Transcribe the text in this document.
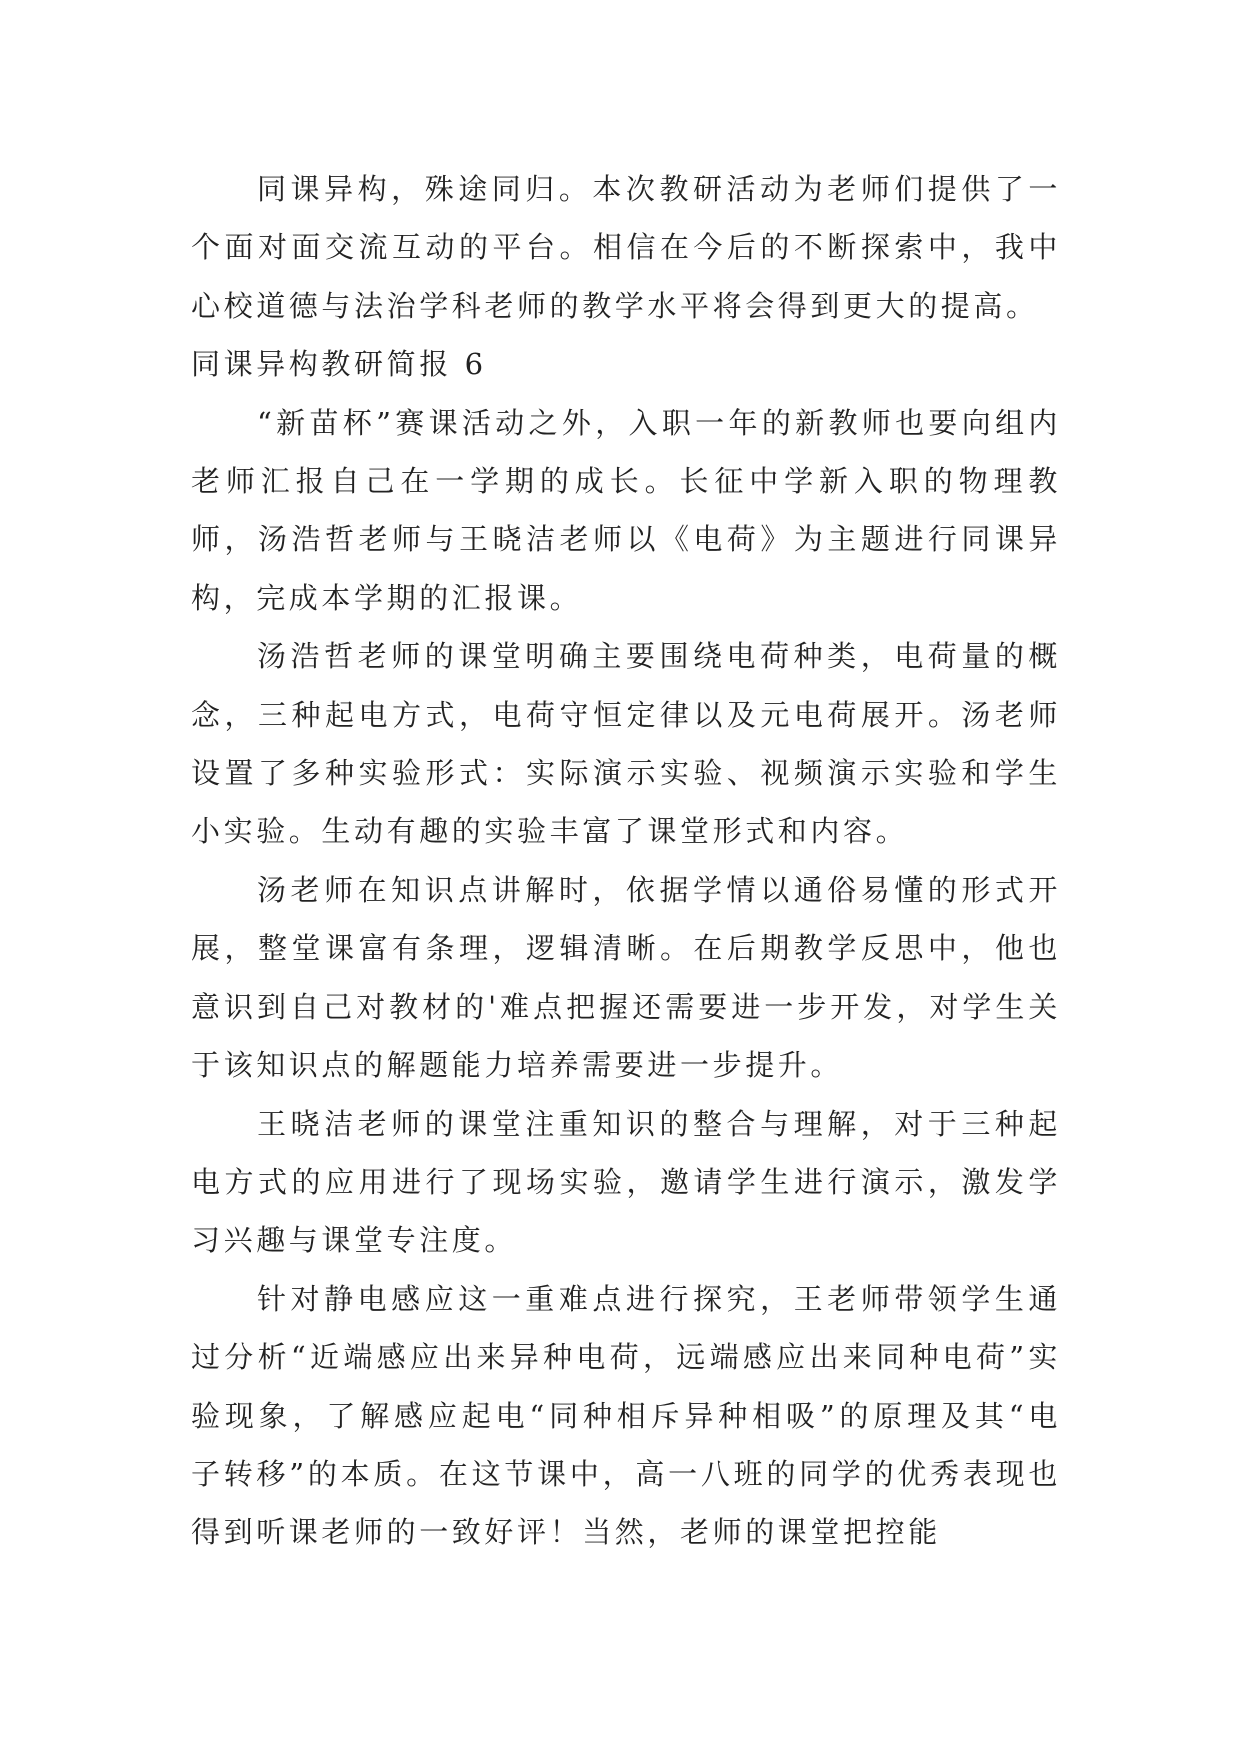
同课异构，殊途同归。本次教研活动为老师们提供了一个面对面交流互动的平台。相信在今后的不断探索中，我中心校道德与法治学科老师的教学水平将会得到更大的提高。

同课异构教研简报 6

“新苗杯”赛课活动之外，入职一年的新教师也要向组内老师汇报自己在一学期的成长。长征中学新入职的物理教师，汤浩哲老师与王晓洁老师以《电荷》为主题进行同课异构，完成本学期的汇报课。

汤浩哲老师的课堂明确主要围绕电荷种类，电荷量的概念，三种起电方式，电荷守恒定律以及元电荷展开。汤老师设置了多种实验形式：实际演示实验、视频演示实验和学生小实验。生动有趣的实验丰富了课堂形式和内容。

汤老师在知识点讲解时，依据学情以通俗易懂的形式开展，整堂课富有条理，逻辑清晰。在后期教学反思中，他也意识到自己对教材的'难点把握还需要进一步开发，对学生关于该知识点的解题能力培养需要进一步提升。

王晓洁老师的课堂注重知识的整合与理解，对于三种起电方式的应用进行了现场实验，邀请学生进行演示，激发学习兴趣与课堂专注度。

针对静电感应这一重难点进行探究，王老师带领学生通过分析“近端感应出来异种电荷，远端感应出来同种电荷”实验现象，了解感应起电“同种相斥异种相吸”的原理及其“电子转移”的本质。在这节课中，高一八班的同学的优秀表现也得到听课老师的一致好评！当然，老师的课堂把控能
